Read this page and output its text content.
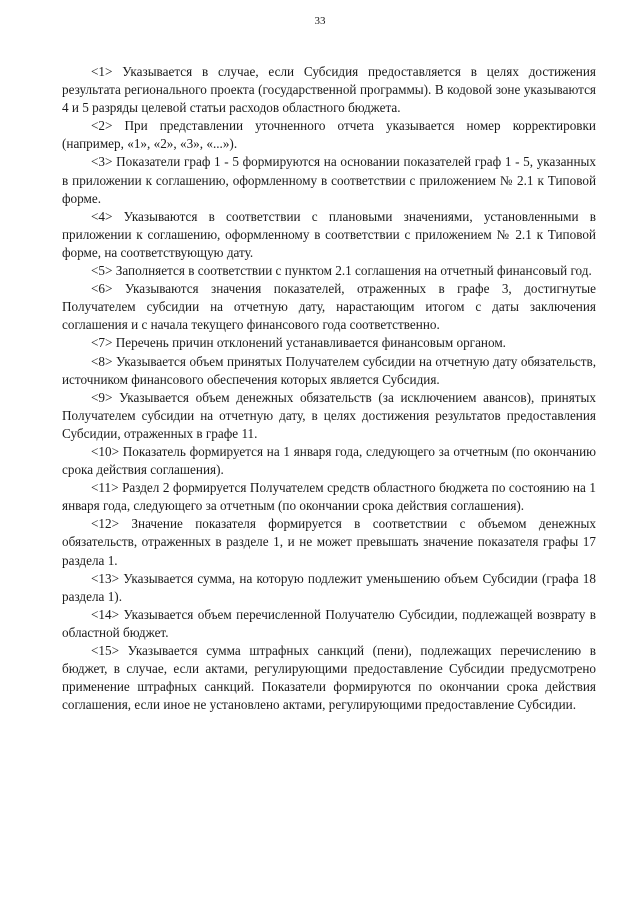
33

<1> Указывается в случае, если Субсидия предоставляется в целях достижения результата регионального проекта (государственной программы). В кодовой зоне указываются 4 и 5 разряды целевой статьи расходов областного бюджета.

<2> При представлении уточненного отчета указывается номер корректировки (например, «1», «2», «3», «...»).

<3> Показатели граф 1 - 5 формируются на основании показателей граф 1 - 5, указанных в приложении к соглашению, оформленному в соответствии с приложением № 2.1 к Типовой форме.

<4> Указываются в соответствии с плановыми значениями, установленными в приложении к соглашению, оформленному в соответствии с приложением № 2.1 к Типовой форме, на соответствующую дату.

<5> Заполняется в соответствии с пунктом 2.1 соглашения на отчетный финансовый год.

<6> Указываются значения показателей, отраженных в графе 3, достигнутые Получателем субсидии на отчетную дату, нарастающим итогом с даты заключения соглашения и с начала текущего финансового года соответственно.

<7> Перечень причин отклонений устанавливается финансовым органом.

<8> Указывается объем принятых Получателем субсидии на отчетную дату обязательств, источником финансового обеспечения которых является Субсидия.

<9> Указывается объем денежных обязательств (за исключением авансов), принятых Получателем субсидии на отчетную дату, в целях достижения результатов предоставления Субсидии, отраженных в графе 11.

<10> Показатель формируется на 1 января года, следующего за отчетным (по окончанию срока действия соглашения).

<11> Раздел 2 формируется Получателем средств областного бюджета по состоянию на 1 января года, следующего за отчетным (по окончании срока действия соглашения).

<12> Значение показателя формируется в соответствии с объемом денежных обязательств, отраженных в разделе 1, и не может превышать значение показателя графы 17 раздела 1.

<13> Указывается сумма, на которую подлежит уменьшению объем Субсидии (графа 18 раздела 1).

<14> Указывается объем перечисленной Получателю Субсидии, подлежащей возврату в областной бюджет.

<15> Указывается сумма штрафных санкций (пени), подлежащих перечислению в бюджет, в случае, если актами, регулирующими предоставление Субсидии предусмотрено применение штрафных санкций. Показатели формируются по окончании срока действия соглашения, если иное не установлено актами, регулирующими предоставление Субсидии.
